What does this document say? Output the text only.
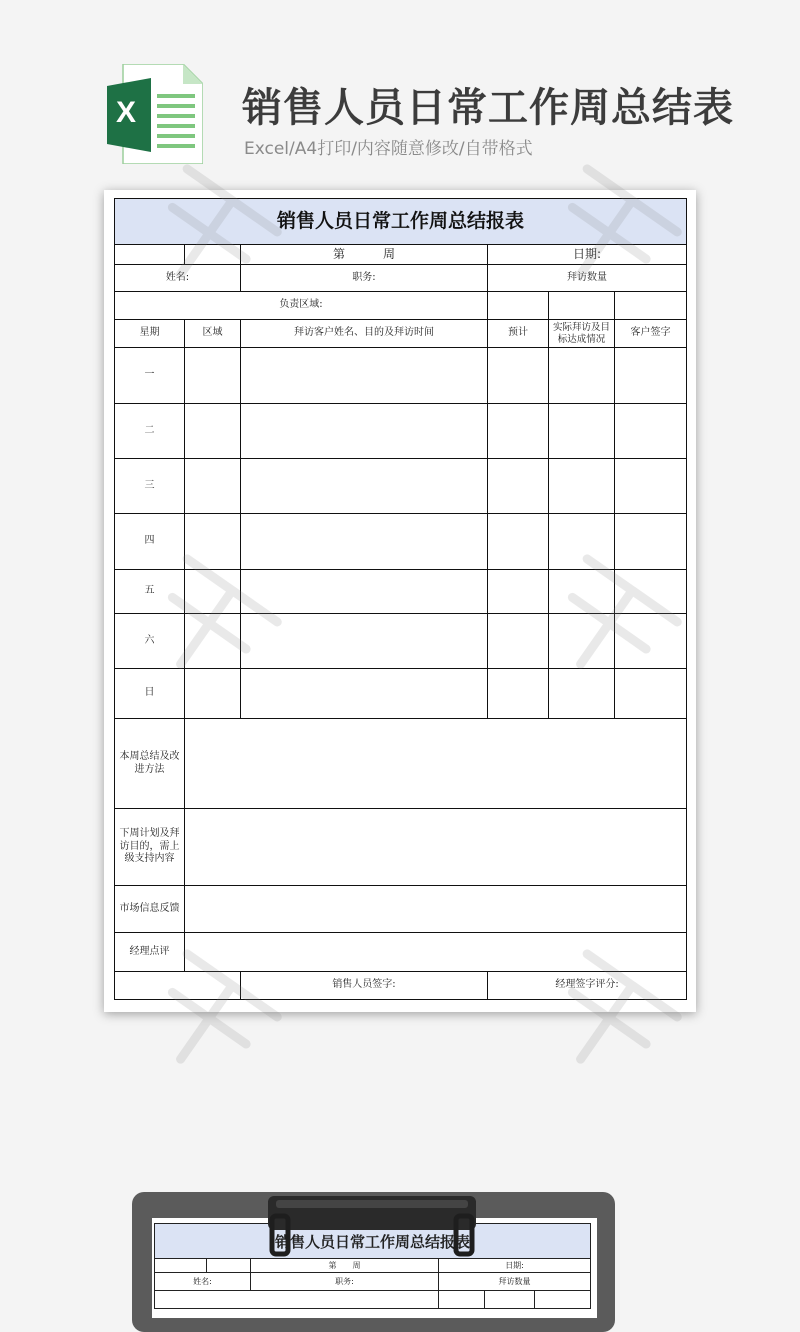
X	销售人员日常工作周总结表
Excel/A4打印/内容随意修改/自带格式
销售人员日常工作周总结报表					
		第 周	日期:		
姓名:		职务:	拜访数量		
负责区域:					
星期	区域	拜访客户姓名、目的及拜访时间	预计	实际拜访及目标达成情况	客户签字
一					
二					
三					
四					
五					
六					
日					
本周总结及改进方法					
下周计划及拜访目的，需上级支持内容					
市场信息反馈					
经理点评					
		销售人员签字:	经理签字评分:		
销售人员日常工作周总结报表					
		第　　周	日期:		
姓名:		职务:	拜访数量		
